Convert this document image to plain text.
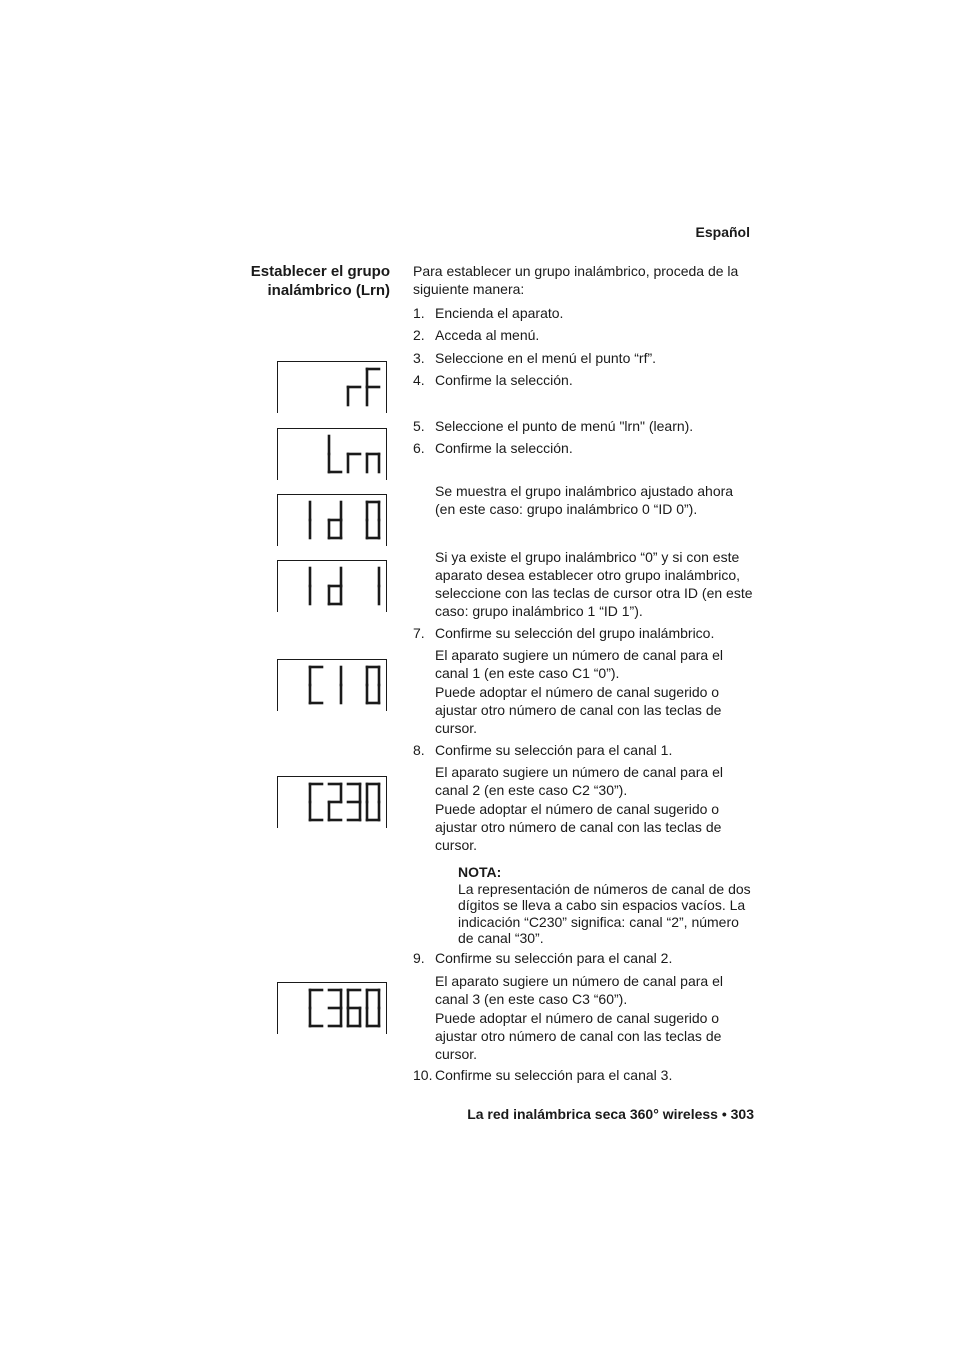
Español
Establecer el grupo
inalámbrico (Lrn)
Para establecer un grupo inalámbrico, proceda de la siguiente manera:
1. Encienda el aparato.
2. Acceda al menú.
3. Seleccione en el menú el punto “rf”.
4. Confirme la selección.
5. Seleccione el punto de menú "lrn" (learn).
6. Confirme la selección.
Se muestra el grupo inalámbrico ajustado ahora (en este caso: grupo inalámbrico 0 “ID 0”).
Si ya existe el grupo inalámbrico “0” y si con este aparato desea establecer otro grupo inalámbrico, seleccione con las teclas de cursor otra ID (en este caso: grupo inalámbrico 1 “ID 1”).
7. Confirme su selección del grupo inalámbrico.
El aparato sugiere un número de canal para el canal 1 (en este caso C1 “0”).
Puede adoptar el número de canal sugerido o ajustar otro número de canal con las teclas de cursor.
8. Confirme su selección para el canal 1.
El aparato sugiere un número de canal para el canal 2 (en este caso C2 “30”).
Puede adoptar el número de canal sugerido o ajustar otro número de canal con las teclas de cursor.
NOTA:
La representación de números de canal de dos dígitos se lleva a cabo sin espacios vacíos. La indicación “C230” significa: canal “2”, número de canal “30”.
9. Confirme su selección para el canal 2.
El aparato sugiere un número de canal para el canal 3 (en este caso C3 “60”).
Puede adoptar el número de canal sugerido o ajustar otro número de canal con las teclas de cursor.
10. Confirme su selección para el canal 3.
La red inalámbrica seca 360° wireless • 303
